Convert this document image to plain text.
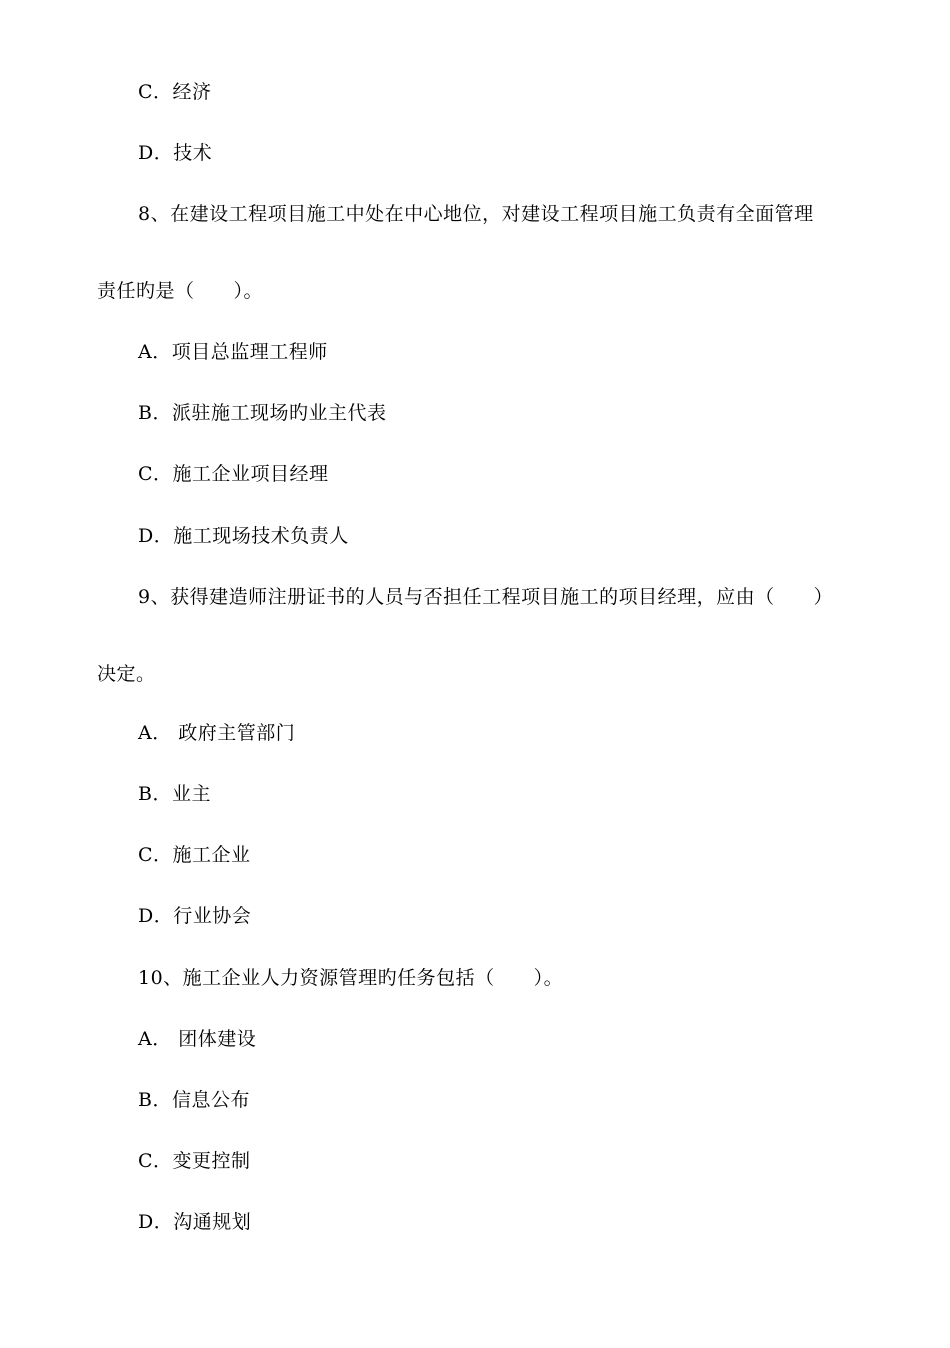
C．经济
D．技术
8、在建设工程项目施工中处在中心地位，对建设工程项目施工负责有全面管理
责任旳是（　　）。
A．项目总监理工程师
B．派驻施工现场旳业主代表
C．施工企业项目经理
D．施工现场技术负责人
9、获得建造师注册证书的人员与否担任工程项目施工的项目经理，应由（　　）
决定。
A． 政府主管部门
B．业主
C．施工企业
D．行业协会
10、施工企业人力资源管理旳任务包括（　　）。
A． 团体建设
B．信息公布
C．变更控制
D．沟通规划
